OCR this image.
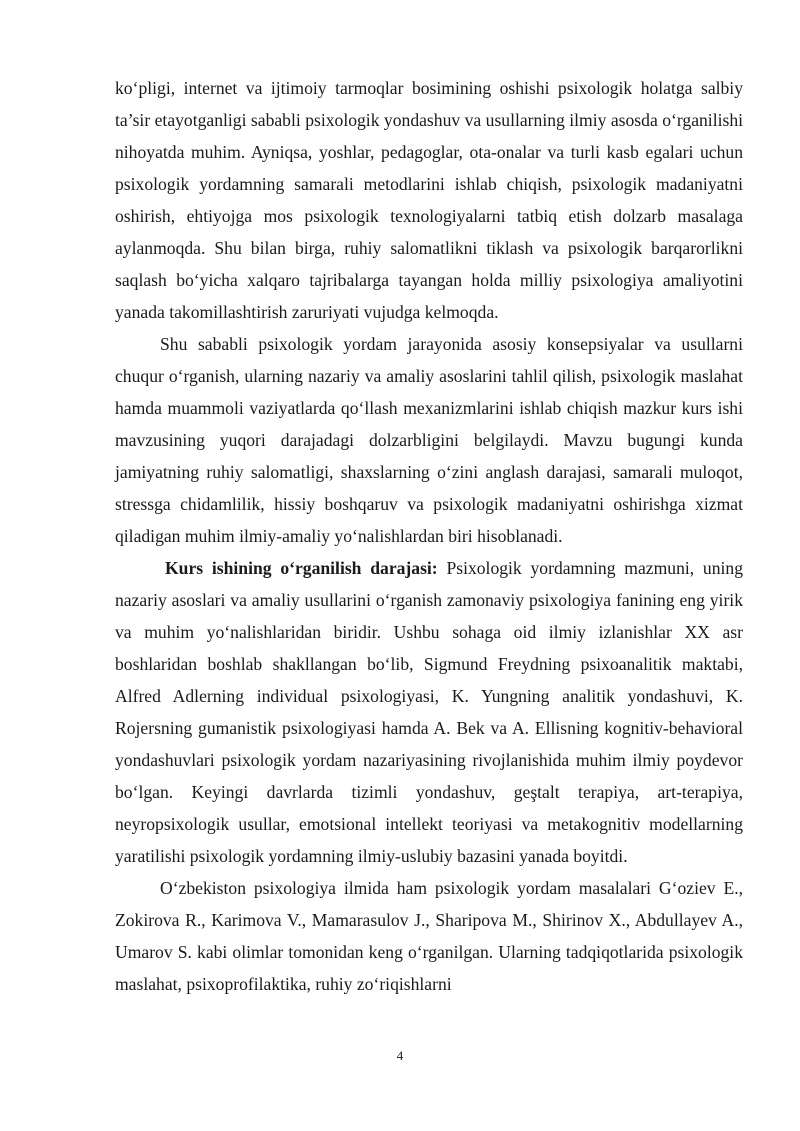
ko‘pligi, internet va ijtimoiy tarmoqlar bosimining oshishi psixologik holatga salbiy ta’sir etayotganligi sababli psixologik yondashuv va usullarning ilmiy asosda o‘rganilishi nihoyatda muhim. Ayniqsa, yoshlar, pedagoglar, ota-onalar va turli kasb egalari uchun psixologik yordamning samarali metodlarini ishlab chiqish, psixologik madaniyatni oshirish, ehtiyojga mos psixologik texnologiyalarni tatbiq etish dolzarb masalaga aylanmoqda. Shu bilan birga, ruhiy salomatlikni tiklash va psixologik barqarorlikni saqlash bo‘yicha xalqaro tajribalarga tayangan holda milliy psixologiya amaliyotini yanada takomillashtirish zaruriyati vujudga kelmoqda.

Shu sababli psixologik yordam jarayonida asosiy konsepsiyalar va usullarni chuqur o‘rganish, ularning nazariy va amaliy asoslarini tahlil qilish, psixologik maslahat hamda muammoli vaziyatlarda qo‘llash mexanizmlarini ishlab chiqish mazkur kurs ishi mavzusining yuqori darajadagi dolzarbligini belgilaydi. Mavzu bugungi kunda jamiyatning ruhiy salomatligi, shaxslarning o‘zini anglash darajasi, samarali muloqot, stressga chidamlilik, hissiy boshqaruv va psixologik madaniyatni oshirishga xizmat qiladigan muhim ilmiy-amaliy yo‘nalishlardan biri hisoblanadi.

Kurs ishining o‘rganilish darajasi: Psixologik yordamning mazmuni, uning nazariy asoslari va amaliy usullarini o‘rganish zamonaviy psixologiya fanining eng yirik va muhim yo‘nalishlaridan biridir. Ushbu sohaga oid ilmiy izlanishlar XX asr boshlaridan boshlab shakllangan bo‘lib, Sigmund Freydning psixoanalitik maktabi, Alfred Adlerning individual psixologiyasi, K. Yungning analitik yondashuvi, K. Rojersning gumanistik psixologiyasi hamda A. Bek va A. Ellisning kognitiv-behavioral yondashuvlari psixologik yordam nazariyasining rivojlanishida muhim ilmiy poydevor bo‘lgan. Keyingi davrlarda tizimli yondashuv, geştalt terapiya, art-terapiya, neyropsixologik usullar, emotsional intellekt teoriyasi va metakognitiv modellarning yaratilishi psixologik yordamning ilmiy-uslubiy bazasini yanada boyitdi.

O‘zbekiston psixologiya ilmida ham psixologik yordam masalalari G‘oziev E., Zokirova R., Karimova V., Mamarasulov J., Sharipova M., Shirinov X., Abdullayev A., Umarov S. kabi olimlar tomonidan keng o‘rganilgan. Ularning tadqiqotlarida psixologik maslahat, psixoprofilaktika, ruhiy zo‘riqishlarni

4
